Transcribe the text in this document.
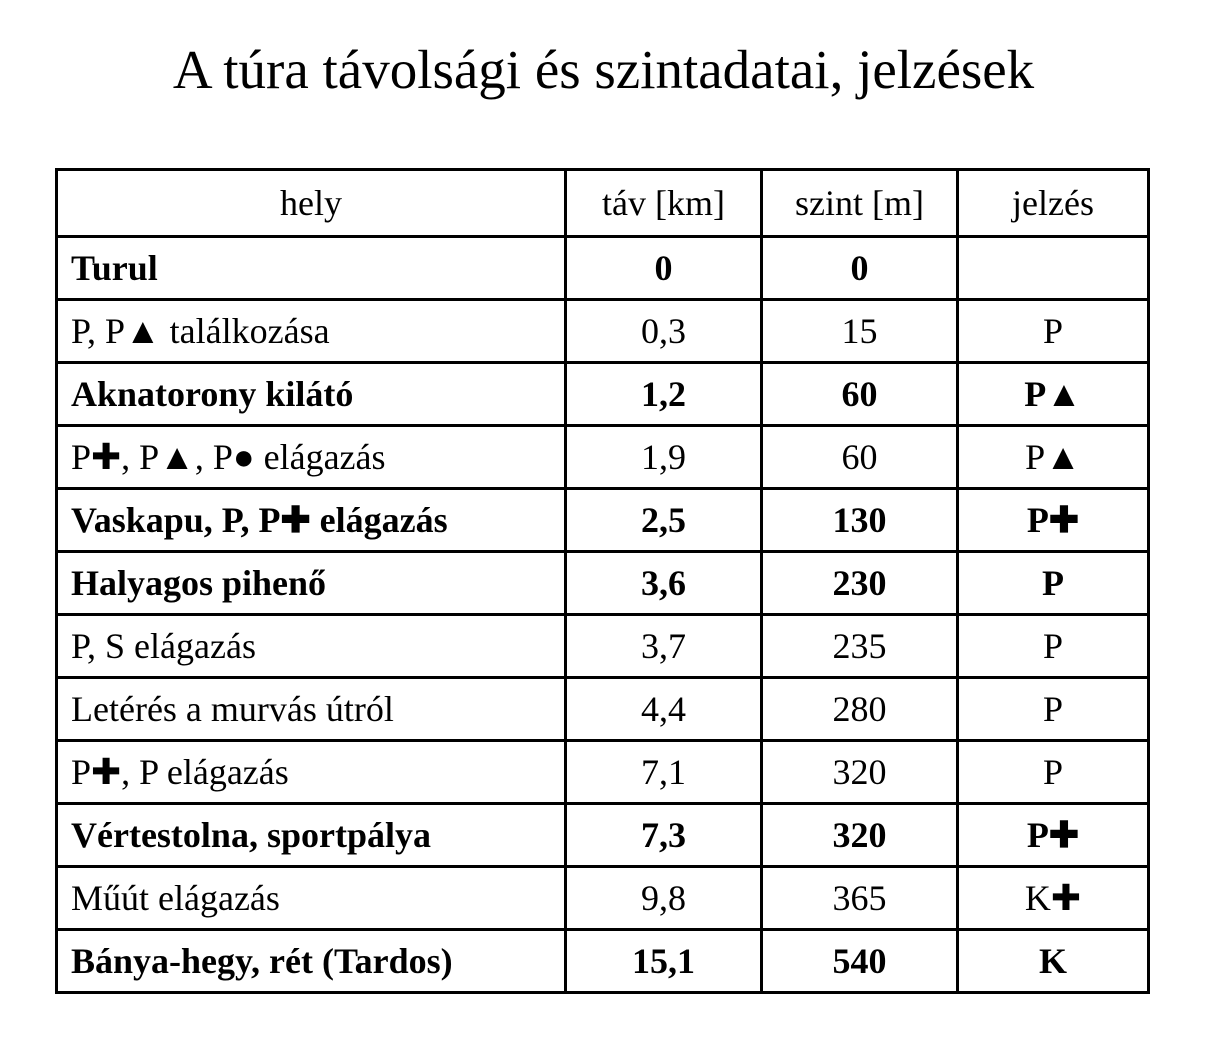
A túra távolsági és szintadatai, jelzések
hely	táv [km]	szint [m]	jelzés
Turul	0	0	
P, P▲ találkozása	0,3	15	P
Aknatorony kilátó	1,2	60	P▲
P✚, P▲, P● elágazás	1,9	60	P▲
Vaskapu, P, P✚ elágazás	2,5	130	P✚
Halyagos pihenő	3,6	230	P
P, S elágazás	3,7	235	P
Letérés a murvás útról	4,4	280	P
P✚, P elágazás	7,1	320	P
Vértestolna, sportpálya	7,3	320	P✚
Műút elágazás	9,8	365	K✚
Bánya-hegy, rét (Tardos)	15,1	540	K
